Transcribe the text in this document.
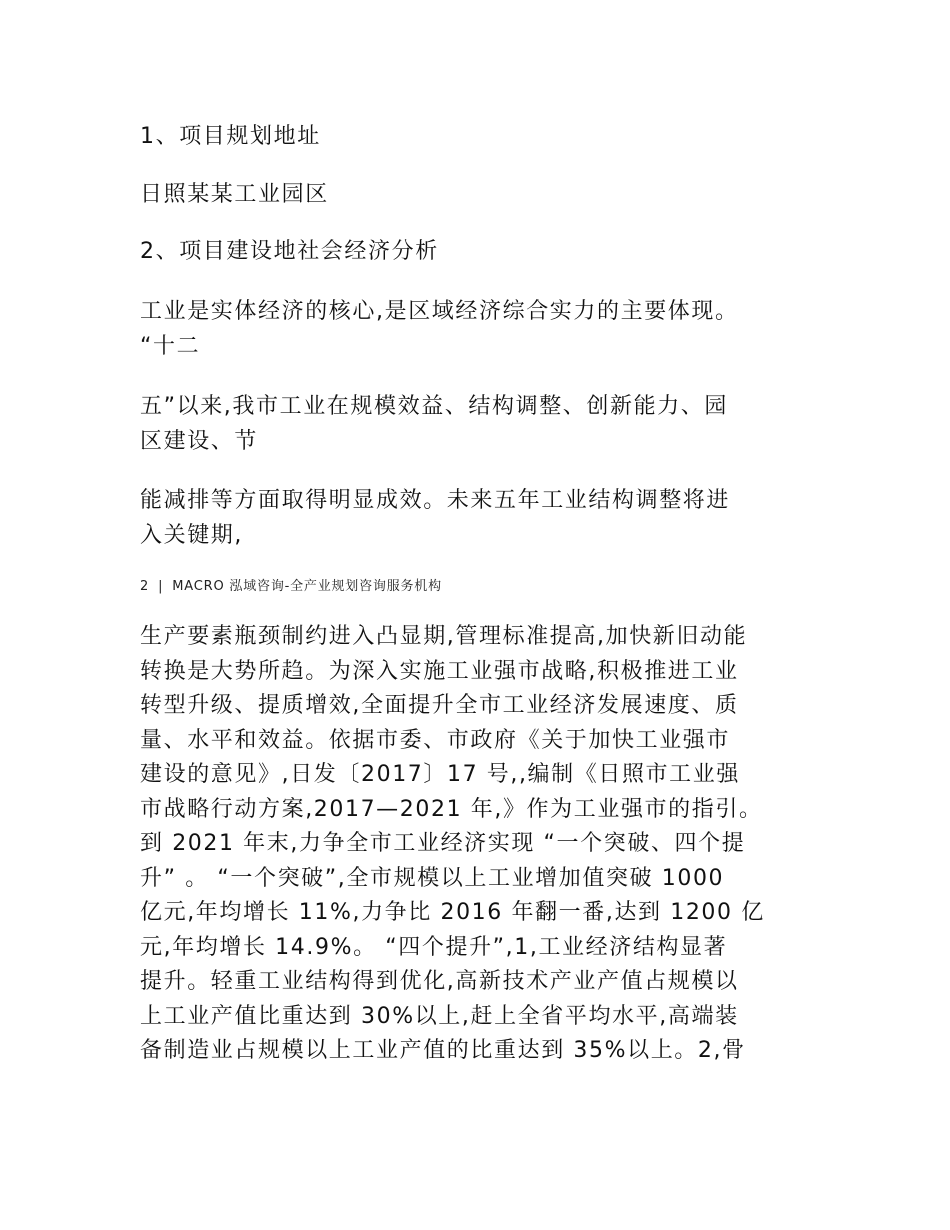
1、项目规划地址

日照某某工业园区

2、项目建设地社会经济分析

工业是实体经济的核心,是区域经济综合实力的主要体现。

“十二

五”以来,我市工业在规模效益、结构调整、创新能力、园

区建设、节

能减排等方面取得明显成效。未来五年工业结构调整将进

入关键期,

2 | MACRO 泓域咨询-全产业规划咨询服务机构
生产要素瓶颈制约进入凸显期,管理标准提高,加快新旧动能
转换是大势所趋。为深入实施工业强市战略,积极推进工业
转型升级、提质增效,全面提升全市工业经济发展速度、质
量、水平和效益。依据市委、市政府《关于加快工业强市
建设的意见》,日发〔2017〕17 号,,编制《日照市工业强
市战略行动方案,2017—2021 年,》作为工业强市的指引。
到 2021 年末,力争全市工业经济实现 “一个突破、四个提
升” 。 “一个突破”,全市规模以上工业增加值突破 1000
亿元,年均增长 11%,力争比 2016 年翻一番,达到 1200 亿
元,年均增长 14.9%。 “四个提升”,1,工业经济结构显著
提升。轻重工业结构得到优化,高新技术产业产值占规模以
上工业产值比重达到 30%以上,赶上全省平均水平,高端装
备制造业占规模以上工业产值的比重达到 35%以上。2,骨
